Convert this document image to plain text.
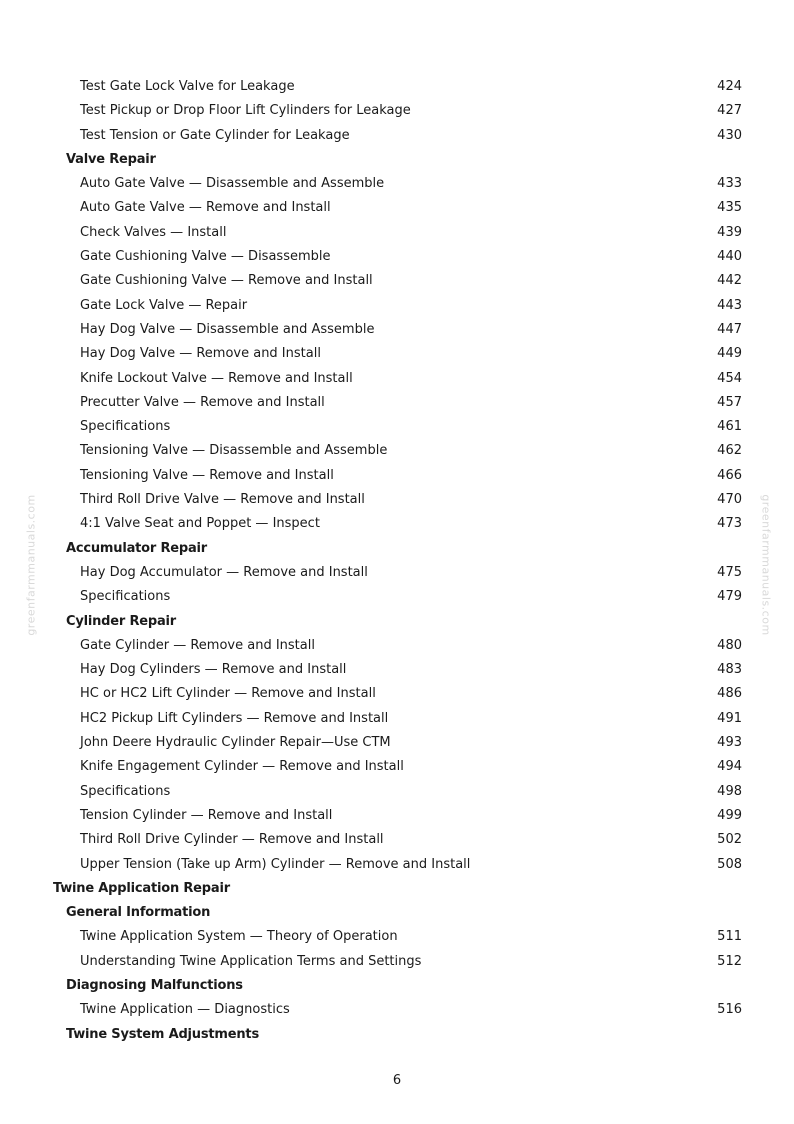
greenfarmmanuals.com	greenfarmmanuals.com
Test Gate Lock Valve for Leakage	424
Test Pickup or Drop Floor Lift Cylinders for Leakage	427
Test Tension or Gate Cylinder for Leakage	430
Valve Repair
Auto Gate Valve — Disassemble and Assemble	433
Auto Gate Valve — Remove and Install	435
Check Valves — Install	439
Gate Cushioning Valve — Disassemble	440
Gate Cushioning Valve — Remove and Install	442
Gate Lock Valve — Repair	443
Hay Dog Valve — Disassemble and Assemble	447
Hay Dog Valve — Remove and Install	449
Knife Lockout Valve — Remove and Install	454
Precutter Valve — Remove and Install	457
Specifications	461
Tensioning Valve — Disassemble and Assemble	462
Tensioning Valve — Remove and Install	466
Third Roll Drive Valve — Remove and Install	470
4:1 Valve Seat and Poppet — Inspect	473
Accumulator Repair
Hay Dog Accumulator — Remove and Install	475
Specifications	479
Cylinder Repair
Gate Cylinder — Remove and Install	480
Hay Dog Cylinders — Remove and Install	483
HC or HC2 Lift Cylinder — Remove and Install	486
HC2 Pickup Lift Cylinders — Remove and Install	491
John Deere Hydraulic Cylinder Repair—Use CTM	493
Knife Engagement Cylinder — Remove and Install	494
Specifications	498
Tension Cylinder — Remove and Install	499
Third Roll Drive Cylinder — Remove and Install	502
Upper Tension (Take up Arm) Cylinder — Remove and Install	508
Twine Application Repair
General Information
Twine Application System — Theory of Operation	511
Understanding Twine Application Terms and Settings	512
Diagnosing Malfunctions
Twine Application — Diagnostics	516
Twine System Adjustments
6
